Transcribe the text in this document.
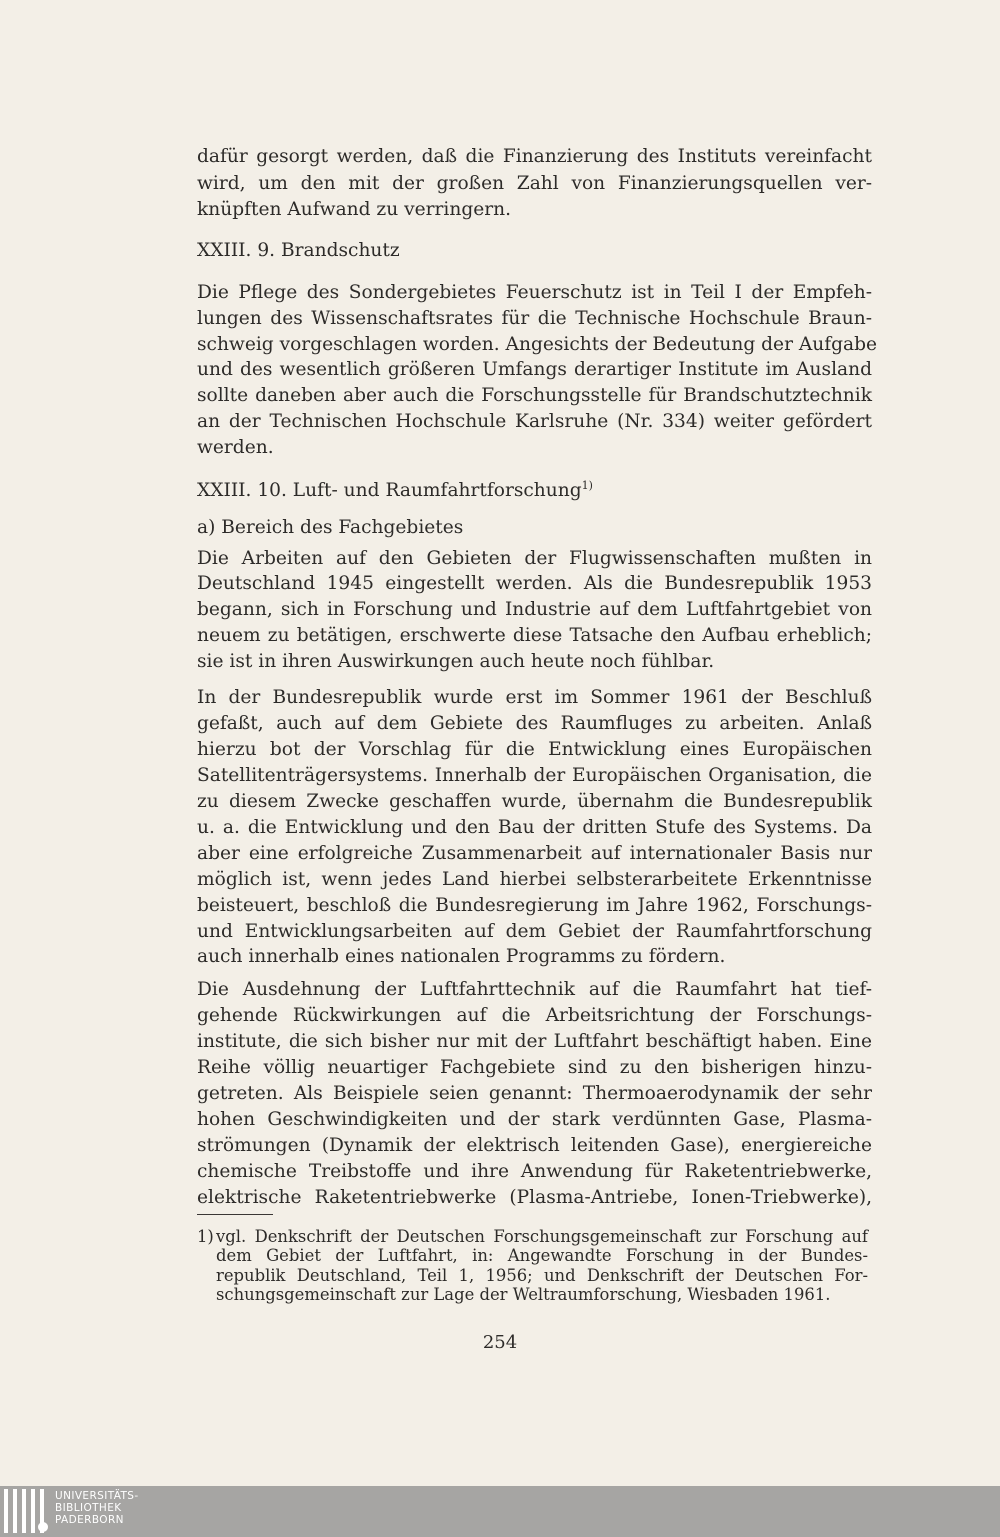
dafür gesorgt werden, daß die Finanzierung des Instituts vereinfacht
wird, um den mit der großen Zahl von Finanzierungsquellen ver-
knüpften Aufwand zu verringern.
XXIII. 9. Brandschutz
Die Pflege des Sondergebietes Feuerschutz ist in Teil I der Empfeh-
lungen des Wissenschaftsrates für die Technische Hochschule Braun-
schweig vorgeschlagen worden. Angesichts der Bedeutung der Aufgabe
und des wesentlich größeren Umfangs derartiger Institute im Ausland
sollte daneben aber auch die Forschungsstelle für Brandschutztechnik
an der Technischen Hochschule Karlsruhe (Nr. 334) weiter gefördert
werden.
XXIII. 10. Luft- und Raumfahrtforschung$^{1)}$
a) Bereich des Fachgebietes
Die Arbeiten auf den Gebieten der Flugwissenschaften mußten in
Deutschland 1945 eingestellt werden. Als die Bundesrepublik 1953
begann, sich in Forschung und Industrie auf dem Luftfahrtgebiet von
neuem zu betätigen, erschwerte diese Tatsache den Aufbau erheblich;
sie ist in ihren Auswirkungen auch heute noch fühlbar.
In der Bundesrepublik wurde erst im Sommer 1961 der Beschluß
gefaßt, auch auf dem Gebiete des Raumfluges zu arbeiten. Anlaß
hierzu bot der Vorschlag für die Entwicklung eines Europäischen
Satellitenträgersystems. Innerhalb der Europäischen Organisation, die
zu diesem Zwecke geschaffen wurde, übernahm die Bundesrepublik
u. a. die Entwicklung und den Bau der dritten Stufe des Systems. Da
aber eine erfolgreiche Zusammenarbeit auf internationaler Basis nur
möglich ist, wenn jedes Land hierbei selbsterarbeitete Erkenntnisse
beisteuert, beschloß die Bundesregierung im Jahre 1962, Forschungs-
und Entwicklungsarbeiten auf dem Gebiet der Raumfahrtforschung
auch innerhalb eines nationalen Programms zu fördern.
Die Ausdehnung der Luftfahrttechnik auf die Raumfahrt hat tief-
gehende Rückwirkungen auf die Arbeitsrichtung der Forschungs-
institute, die sich bisher nur mit der Luftfahrt beschäftigt haben. Eine
Reihe völlig neuartiger Fachgebiete sind zu den bisherigen hinzu-
getreten. Als Beispiele seien genannt: Thermoaerodynamik der sehr
hohen Geschwindigkeiten und der stark verdünnten Gase, Plasma-
strömungen (Dynamik der elektrisch leitenden Gase), energiereiche
chemische Treibstoffe und ihre Anwendung für Raketentriebwerke,
elektrische Raketentriebwerke (Plasma-Antriebe, Ionen-Triebwerke),
1) vgl. Denkschrift der Deutschen Forschungsgemeinschaft zur Forschung auf
dem Gebiet der Luftfahrt, in: Angewandte Forschung in der Bundes-
republik Deutschland, Teil 1, 1956; und Denkschrift der Deutschen For-
schungsgemeinschaft zur Lage der Weltraumforschung, Wiesbaden 1961.
254
UNIVERSITÄTS-
BIBLIOTHEK
PADERBORN
